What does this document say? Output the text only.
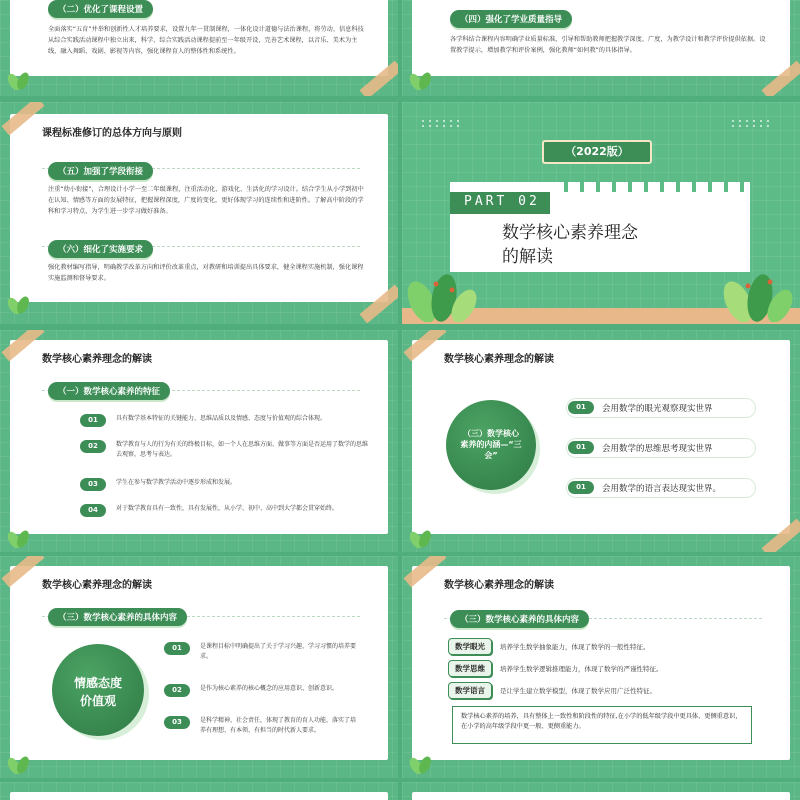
（二）优化了课程设置
全面落实“五育”并举和创新性人才培养要求，设置九年一贯制课程，一体化设计道德与法治课程，将劳动、信息科技从综合实践活动课程中独立出来，科学、综合实践活动课程提前至一年级开设，完善艺术课程，以音乐、美术为主线，融入舞蹈、戏剧、影视等内容，强化课程育人的整体性和系统性。
（四）强化了学业质量指导
各学科结合课程内容明确学业质量标准，引导和帮助教师把握教学深度、广度，为教学设计和教学评价提供依据。设置教学提示，增加教学和评价案例，强化教师“如何教”的具体指导。
课程标准修订的总体方向与原则
（五）加强了学段衔接
注重“幼小衔接”，合理设计小学一至二年级课程，注重活动化、游戏化、生活化的学习设计。结合学生从小学到初中在认知、情感等方面的发展特征，把握课程深度，广度的变化，更好体现学习的连续性和进阶性。了解高中阶段的学科和学习特点，为学生进一步学习做好准备。
（六）细化了实施要求
强化教材编写指导，明确教学改革方向和评价改革重点，对教研和培训提出具体要求，健全课程实施机制，强化课程实施监测和督导要求。
（2022版）
PART 02
数学核心素养理念
的解读
数学核心素养理念的解读
（一）数学核心素养的特征
01	具有数学基本特征的关键能力、思维品质以及情感、态度与价值观的综合体现。
02	数学教育与人的行为有关的终极目标，如一个人在思维方面、做事等方面是否运用了数学的思维去观察，思考与表达。
03	学生在参与数学教学活动中逐步形成和发展。
04	对于数学教育具有一致性，具有发展性，从小学、初中、高中到大学都会贯穿始终。
数学核心素养理念的解读
（三）数学核心素养的内涵—“三会”
01	会用数学的眼光观察现实世界
01	会用数学的思维思考现实世界
01	会用数学的语言表达现实世界。
数学核心素养理念的解读
（三）数学核心素养的具体内容
情感态度
价值观
01	是课程目标中明确提出了关于学习兴趣、学习习惯的培养要求。
02	是作为核心素养的核心概念的应用意识、创新意识。
03	是科学精神、社会责任，体现了教育的育人功能，落实了培养有理想、有本领、有担当的时代新人要求。
数学核心素养理念的解读
（三）数学核心素养的具体内容
数学眼光	培养学生数学抽象能力，体现了数学的一般性特征。
数学思维	培养学生数学逻辑推理能力，体现了数学的严谨性特征。
数学语言	是让学生建立数学模型，体现了数学应用广泛性特征。
数学核心素养的培养，具有整体上一致性和阶段性的特征,在小学的低年级学段中更具体、更侧重意识，在小学的高年级学段中更一般、更侧重能力。
